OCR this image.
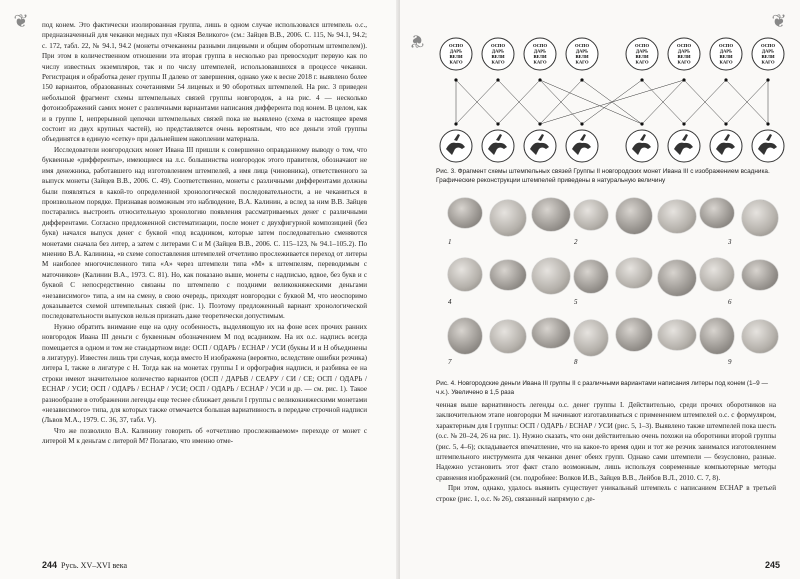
❦	под конем. Это фактически изолированная группа, лишь в одном случае использовался штемпель о.с., предназначенный для чеканки медных пул «Князя Великого» (см.: Зайцев В.В., 2006. С. 115, № 94.1, 94.2; с. 172, табл. 22, № 94.1, 94.2 (монеты отчеканены разными лицевыми и общим оборотным штемпелем)). При этом в количественном отношении эта вторая группа в несколько раз превосходит первую как по числу известных экземпляров, так и по числу штемпелей, использовавшихся в процессе чеканки. Регистрация и обработка денег группы II далеко от завершения, однако уже к весне 2018 г. выявлено более 150 вариантов, образованных сочетаниями 54 лицевых и 90 оборотных штемпелей. На рис. 3 приведен небольшой фрагмент схемы штемпельных связей группы новгородок, а на рис. 4 — несколько фотоизображений самих монет с различными вариантами написания дифферента под конем. В целом, как и в группе I, непрерывной цепочки штемпельных связей пока не выявлено (схема в настоящее время состоит из двух крупных частей), но представляется очень вероятным, что все деньги этой группы объединятся в единую «сетку» при дальнейшем накоплении материала.

Исследователи новгородских монет Ивана III пришли к совершенно оправданному выводу о том, что буквенные «дифференты», имеющиеся на л.с. большинства новгородок этого правителя, обозначают не имя денежника, работавшего над изготовлением штемпелей, а имя лица (чиновника), ответственного за выпуск монеты (Зайцев В.В., 2006. С. 49). Соответственно, монеты с различными дифферентами должны были появляться в какой-то определенной хронологической последовательности, а не чеканиться в произвольном порядке. Признавая возможным это наблюдение, В.А. Калинин, а вслед за ним В.В. Зайцев постарались выстроить относительную хронологию появления рассматриваемых денег с различными дифферентами. Согласно предложенной систематизации, после монет с двухфигурной композицией (без букв) начался выпуск денег с буквой «под всадником, которые затем последовательно сменяются монетами сначала без литер, а затем с литерами С и М (Зайцев В.В., 2006. С. 115–123, № 94.1–105.2). По мнению В.А. Калинина, «в схеме сопоставления штемпелей отчетливо прослеживается переход от литеры М наиболее многочисленного типа «А» через штемпели типа «М» к штемпелям, переводимым с маточников» (Калинин В.А., 1973. С. 81). Но, как показано выше, монеты с надписью, вдвое, без букв и с буквой С непосредственно связаны по штемпелю с поздними великокняжескими деньгами «независимого» типа, а им на смену, в свою очередь, приходят новгородки с буквой М, что неоспоримо доказывается схемой штемпельных связей (рис. 1). Поэтому предложенный вариант хронологической последовательности выпусков нельзя признать даже теоретически допустимым.

Нужно обратить внимание еще на одну особенность, выделяющую их на фоне всех прочих ранних новгородок Ивана III деньги с буквенным обозначением М под всадником. На их о.с. надпись всегда помещается в одном и том же стандартном виде: ОСП / ОДАРЬ / ЕСНАР / УСИ (буквы И и Н объединены в лигатуру). Известен лишь три случая, когда вместо Н изображена (вероятно, вследствие ошибки резчика) литера Ι, также в лигатуре с Н. Тогда как на монетах группы I и орфография надписи, и разбивка ее на строки имеют значительное количество вариантов (ОСП / ДАРЬВ / СЕАРУ / СИ / СЕ; ОСП / ОДАРЬ / ЕСНАР / УСИ; ОСП / ОДАРЬ / ЕСНАР / УСИ; ОСП / ОДАРЬ / ЕСНАР / УСИ и др. — см. рис. 1). Такое разнообразие в отображении легенды еще теснее сближает деньги I группы с великокняжескими монетами «независимого» типа, для которых также отмечается большая вариативность в передаче строчной надписи (Львов М.А., 1979. С. 36, 37, табл. V).

Что же позволило В.А. Калинину говорить об «отчетливо прослеживаемом» переходе от монет с литерой М к деньгам с литерой М? Полагаю, что именно отме-

244 Русь. XV–XVI века
❦
❦	ОСПО
ДАРЬ
ВЕЛИ
КАГО
ОСПО
ДАРЬ
ВЕЛИ
КАГО
ОСПО
ДАРЬ
ВЕЛИ
КАГО
ОСПО
ДАРЬ
ВЕЛИ
КАГО
ОСПО
ДАРЬ
ВЕЛИ
КАГО
ОСПО
ДАРЬ
ВЕЛИ
КАГО
ОСПО
ДАРЬ
ВЕЛИ
КАГО
ОСПО
ДАРЬ
ВЕЛИ
КАГО
Рис. 3. Фрагмент схемы штемпельных связей Группы II новгородских монет Ивана III с изображением всадника. Графические реконструкции штемпелей приведены в натуральную величину
1	2	3
4	5	6
7	8	9
Рис. 4. Новгородские деньги Ивана III группы II с различными вариантами написания литеры под конем (1–9 — ч.к.). Увеличено в 1,5 раза

ченная выше вариативность легенды о.с. денег группы I. Действительно, среди прочих оборотников на заключительном этапе новгородки М начинают изготавливаться с применением штемпелей о.с. с формуляром, характерным для I группы: ОСП / ОДАРЬ / ЕСНАР / УСИ (рис. 5, 1–3). Выявлено также штемпелей пока шесть (о.с. № 20–24, 26 на рис. 1). Нужно сказать, что они действительно очень похожи на оборотники второй группы (рис. 5, 4–6); складывается впечатление, что на какое-то время один и тот же резчик занимался изготовлением штемпельного инструмента для чеканки денег обеих групп. Однако сами штемпели — безусловно, разные. Надежно установить этот факт стало возможным, лишь используя современные компьютерные методы сравнения изображений (см. подробнее: Волков И.В., Зайцев В.В., Лейбов В.Л., 2010. С. 7, 8).

При этом, однако, удалось выявить существует уникальный штемпель с написанием ЕСНАР в третьей строке (рис. 1, о.с. № 26), связанный напрямую с де-

245
